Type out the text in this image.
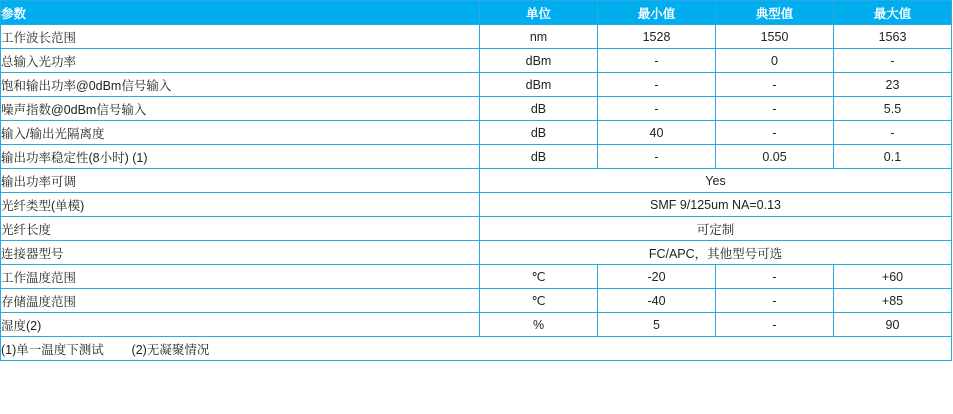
参数	单位	最小值	典型值	最大值
工作波长范围	nm	1528	1550	1563
总输入光功率	dBm	-	0	-
饱和输出功率@0dBm信号输入	dBm	-	-	23
噪声指数@0dBm信号输入	dB	-	-	5.5
输入/输出光隔离度	dB	40	-	-
输出功率稳定性(8小时) (1)	dB	-	0.05	0.1
输出功率可调	Yes			
光纤类型(单模)	SMF 9/125um NA=0.13			
光纤长度	可定制			
连接器型号	FC/APC，其他型号可选			
工作温度范围	℃	-20	-	+60
存储温度范围	℃	-40	-	+85
湿度(2)	%	5	-	90
(1)单一温度下测试        (2)无凝聚情况				
